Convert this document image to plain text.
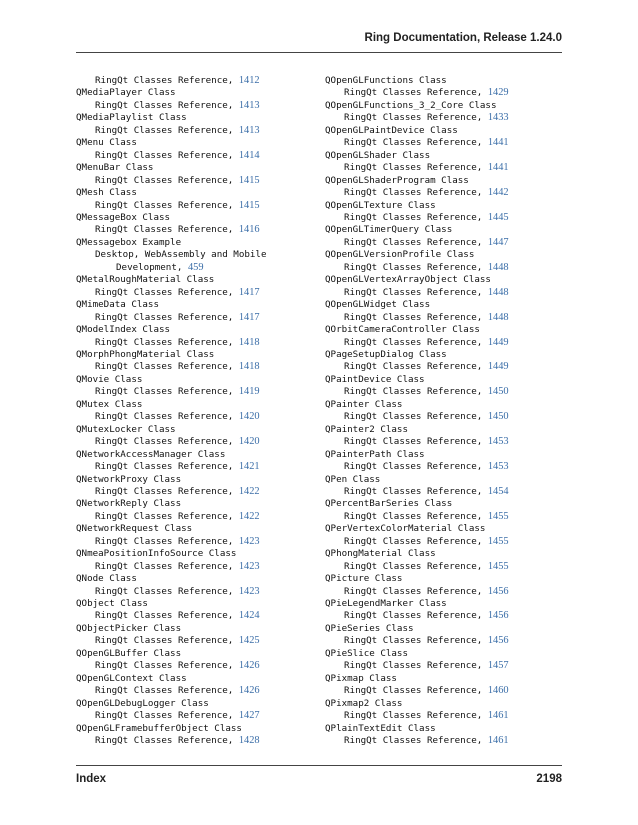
Ring Documentation, Release 1.24.0
RingQt Classes Reference, 1412
QMediaPlayer Class
RingQt Classes Reference, 1413
QMediaPlaylist Class
RingQt Classes Reference, 1413
QMenu Class
RingQt Classes Reference, 1414
QMenuBar Class
RingQt Classes Reference, 1415
QMesh Class
RingQt Classes Reference, 1415
QMessageBox Class
RingQt Classes Reference, 1416
QMessagebox Example
Desktop, WebAssembly and Mobile
Development, 459
QMetalRoughMaterial Class
RingQt Classes Reference, 1417
QMimeData Class
RingQt Classes Reference, 1417
QModelIndex Class
RingQt Classes Reference, 1418
QMorphPhongMaterial Class
RingQt Classes Reference, 1418
QMovie Class
RingQt Classes Reference, 1419
QMutex Class
RingQt Classes Reference, 1420
QMutexLocker Class
RingQt Classes Reference, 1420
QNetworkAccessManager Class
RingQt Classes Reference, 1421
QNetworkProxy Class
RingQt Classes Reference, 1422
QNetworkReply Class
RingQt Classes Reference, 1422
QNetworkRequest Class
RingQt Classes Reference, 1423
QNmeaPositionInfoSource Class
RingQt Classes Reference, 1423
QNode Class
RingQt Classes Reference, 1423
QObject Class
RingQt Classes Reference, 1424
QObjectPicker Class
RingQt Classes Reference, 1425
QOpenGLBuffer Class
RingQt Classes Reference, 1426
QOpenGLContext Class
RingQt Classes Reference, 1426
QOpenGLDebugLogger Class
RingQt Classes Reference, 1427
QOpenGLFramebufferObject Class
RingQt Classes Reference, 1428
QOpenGLFunctions Class
RingQt Classes Reference, 1429
QOpenGLFunctions_3_2_Core Class
RingQt Classes Reference, 1433
QOpenGLPaintDevice Class
RingQt Classes Reference, 1441
QOpenGLShader Class
RingQt Classes Reference, 1441
QOpenGLShaderProgram Class
RingQt Classes Reference, 1442
QOpenGLTexture Class
RingQt Classes Reference, 1445
QOpenGLTimerQuery Class
RingQt Classes Reference, 1447
QOpenGLVersionProfile Class
RingQt Classes Reference, 1448
QOpenGLVertexArrayObject Class
RingQt Classes Reference, 1448
QOpenGLWidget Class
RingQt Classes Reference, 1448
QOrbitCameraController Class
RingQt Classes Reference, 1449
QPageSetupDialog Class
RingQt Classes Reference, 1449
QPaintDevice Class
RingQt Classes Reference, 1450
QPainter Class
RingQt Classes Reference, 1450
QPainter2 Class
RingQt Classes Reference, 1453
QPainterPath Class
RingQt Classes Reference, 1453
QPen Class
RingQt Classes Reference, 1454
QPercentBarSeries Class
RingQt Classes Reference, 1455
QPerVertexColorMaterial Class
RingQt Classes Reference, 1455
QPhongMaterial Class
RingQt Classes Reference, 1455
QPicture Class
RingQt Classes Reference, 1456
QPieLegendMarker Class
RingQt Classes Reference, 1456
QPieSeries Class
RingQt Classes Reference, 1456
QPieSlice Class
RingQt Classes Reference, 1457
QPixmap Class
RingQt Classes Reference, 1460
QPixmap2 Class
RingQt Classes Reference, 1461
QPlainTextEdit Class
RingQt Classes Reference, 1461
Index	2198
